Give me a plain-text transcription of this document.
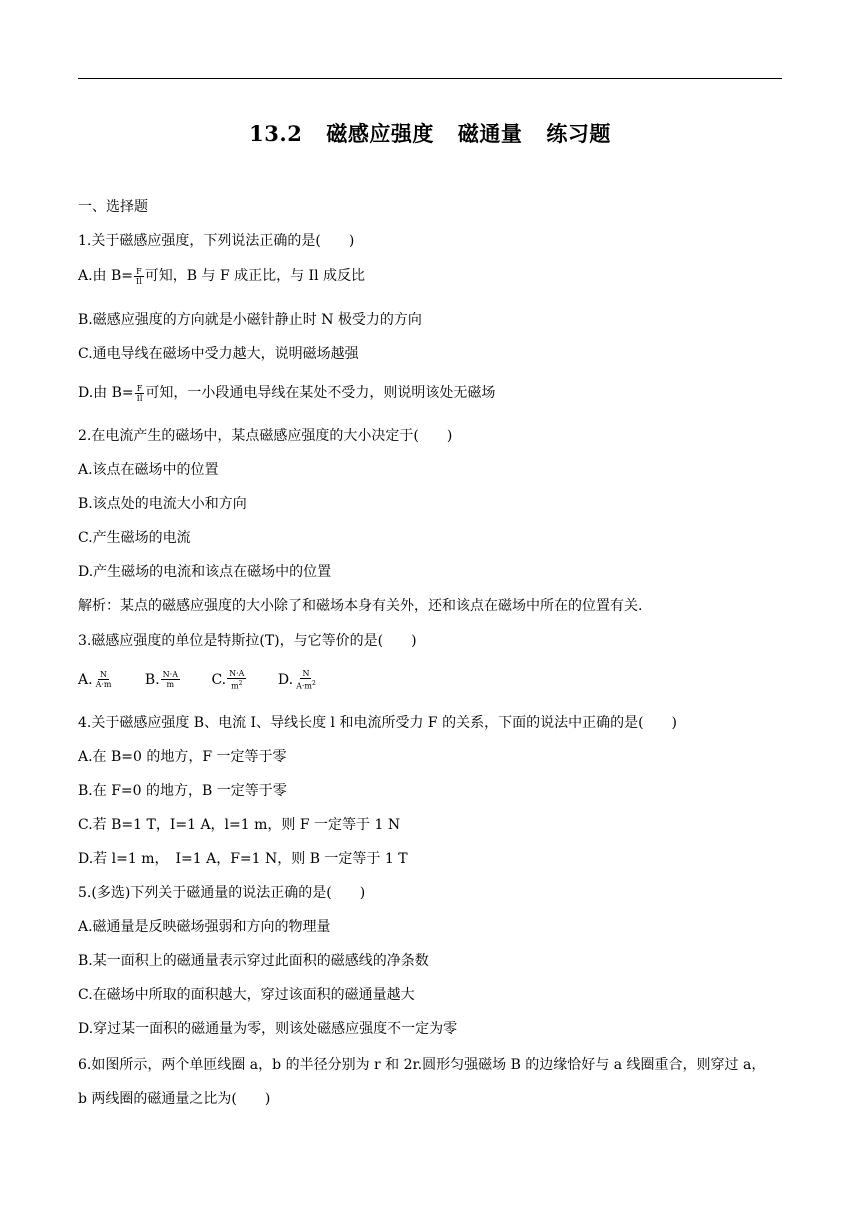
13.2 磁感应强度 磁通量 练习题
一、选择题
1.关于磁感应强度，下列说法正确的是(　　)
A.由 $B= \frac{F}{Il}$ 可知，B 与 F 成正比，与 Il 成反比
B.磁感应强度的方向就是小磁针静止时 N 极受力的方向
C.通电导线在磁场中受力越大，说明磁场越强
D.由 $B= \frac{F}{Il}$ 可知，一小段通电导线在某处不受力，则说明该处无磁场
2.在电流产生的磁场中，某点磁感应强度的大小决定于(　　)
A.该点在磁场中的位置
B.该点处的电流大小和方向
C.产生磁场的电流
D.产生磁场的电流和该点在磁场中的位置
解析：某点的磁感应强度的大小除了和磁场本身有关外，还和该点在磁场中所在的位置有关.
3.磁感应强度的单位是特斯拉(T)，与它等价的是(　　)
A. $\frac{N}{A\cdot m} B$. $\frac{N\cdot A}{m} C$. $\frac{N\cdot A}{m^2} D$. $\frac{N}{A\cdot m^2}$
4.关于磁感应强度 B、电流 I、导线长度 l 和电流所受力 F 的关系，下面的说法中正确的是(　　)
A.在 B=0 的地方，F 一定等于零
B.在 F=0 的地方，B 一定等于零
C.若 B=1 T，I=1 A，l=1 m，则 F 一定等于 1 N
D.若 l=1 m，　I=1 A，F=1 N，则 B 一定等于 1 T
5.(多选)下列关于磁通量的说法正确的是(　　)
A.磁通量是反映磁场强弱和方向的物理量
B.某一面积上的磁通量表示穿过此面积的磁感线的净条数
C.在磁场中所取的面积越大，穿过该面积的磁通量越大
D.穿过某一面积的磁通量为零，则该处磁感应强度不一定为零
6.如图所示，两个单匝线圈 a，b 的半径分别为 r 和 2r.圆形匀强磁场 B 的边缘恰好与 a 线圈重合，则穿过 a，
b 两线圈的磁通量之比为(　　)
